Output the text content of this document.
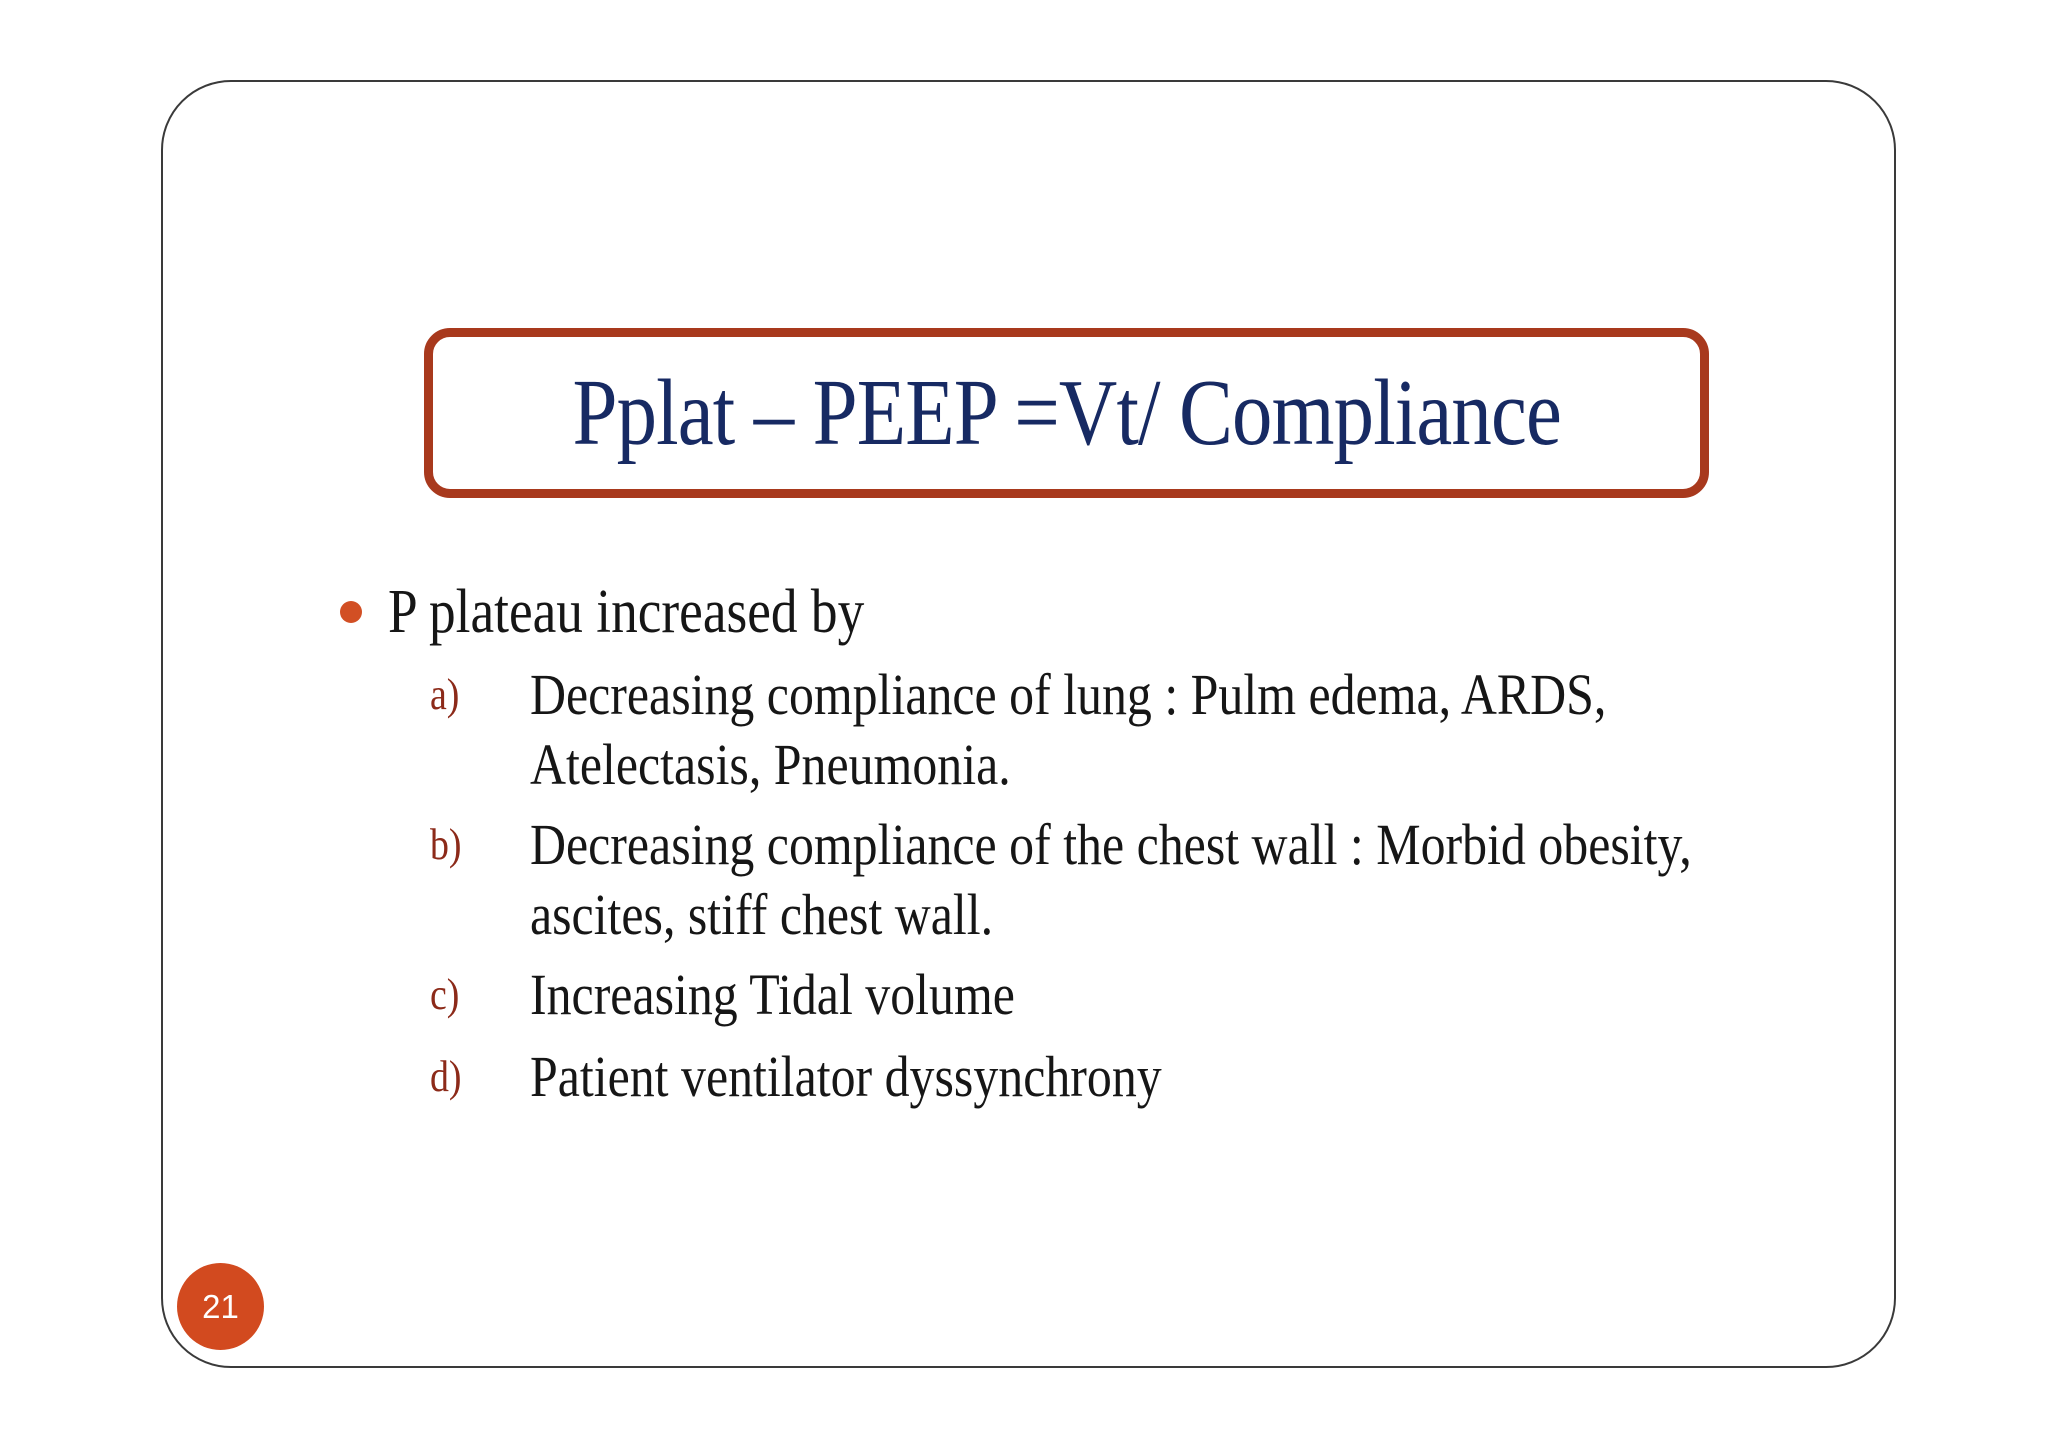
Pplat – PEEP =Vt/ Compliance
P plateau increased by
a)	Decreasing compliance of lung : Pulm edema, ARDS,
Atelectasis, Pneumonia.
b)	Decreasing compliance of the chest wall : Morbid obesity,
ascites, stiff chest wall.
c)	Increasing Tidal volume
d)	Patient ventilator dyssynchrony
21
